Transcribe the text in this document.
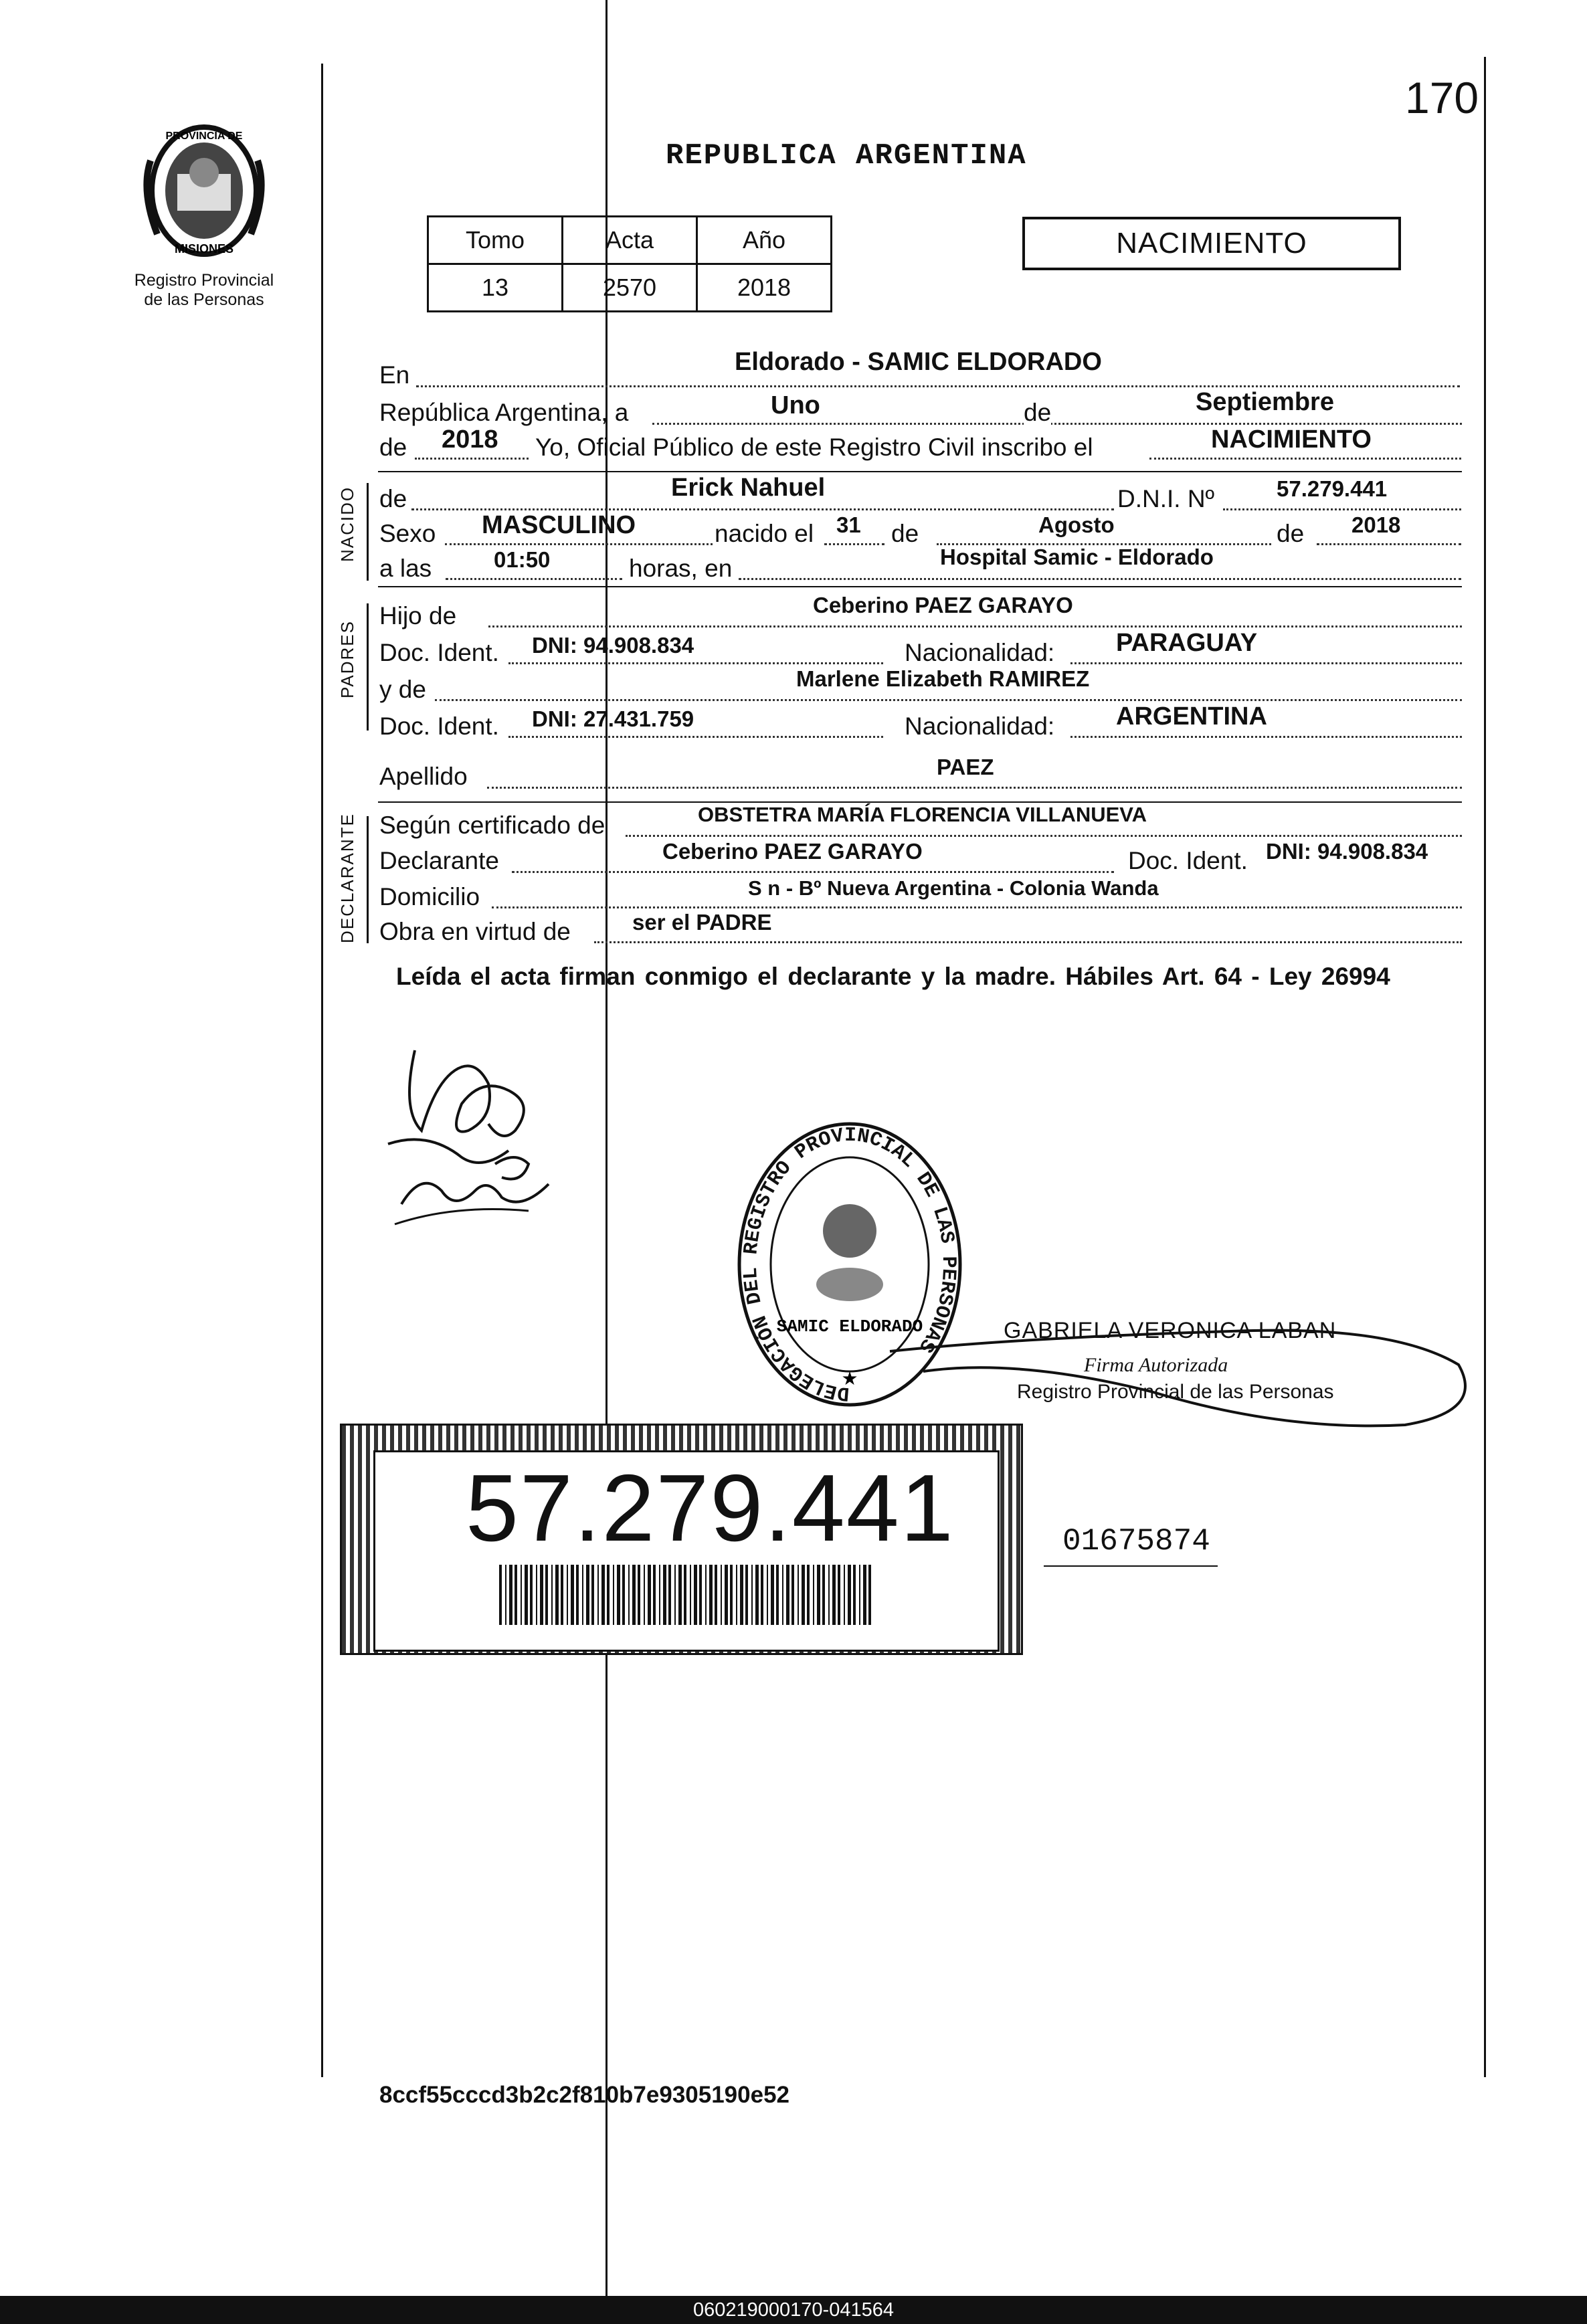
170
PROVINCIA DE
MISIONES
Registro Provincial
de las Personas
REPUBLICA ARGENTINA
Tomo	Acta	Año
13	2570	2018
NACIMIENTO
En	Eldorado - SAMIC ELDORADO
República Argentina, a	Uno	de	Septiembre
de 2018 Yo, Oficial Público de este Registro Civil inscribo el	NACIMIENTO
NACIDO de	Erick Nahuel	D.N.I. Nº	57.279.441
Sexo MASCULINO	nacido el 31 de	Agosto	de 2018
a las	01:50	horas, en	Hospital Samic - Eldorado
PADRES
Hijo de	Ceberino PAEZ GARAYO
Doc. Ident. DNI: 94.908.834	Nacionalidad: PARAGUAY
y de	Marlene Elizabeth RAMIREZ
Doc. Ident. DNI: 27.431.759	Nacionalidad: ARGENTINA
Apellido	PAEZ
DECLARANTE Según certificado de	OBSTETRA MARÍA FLORENCIA VILLANUEVA
Declarante	Ceberino PAEZ GARAYO	Doc. Ident. DNI: 94.908.834
Domicilio	S n - Bº Nueva Argentina - Colonia Wanda
Obra en virtud de	ser el PADRE
Leída el acta firman conmigo el declarante y la madre. Hábiles Art. 64 - Ley 26994
DELEGACIÓN DEL REGISTRO PROVINCIAL DE LAS PERSONAS
SAMIC ELDORADO
★
GABRIELA VERONICA LABAN
Firma Autorizada
Registro Provincial de las Personas
57.279.441	01675874
8ccf55cccd3b2c2f810b7e9305190e52
060219000170-041564
